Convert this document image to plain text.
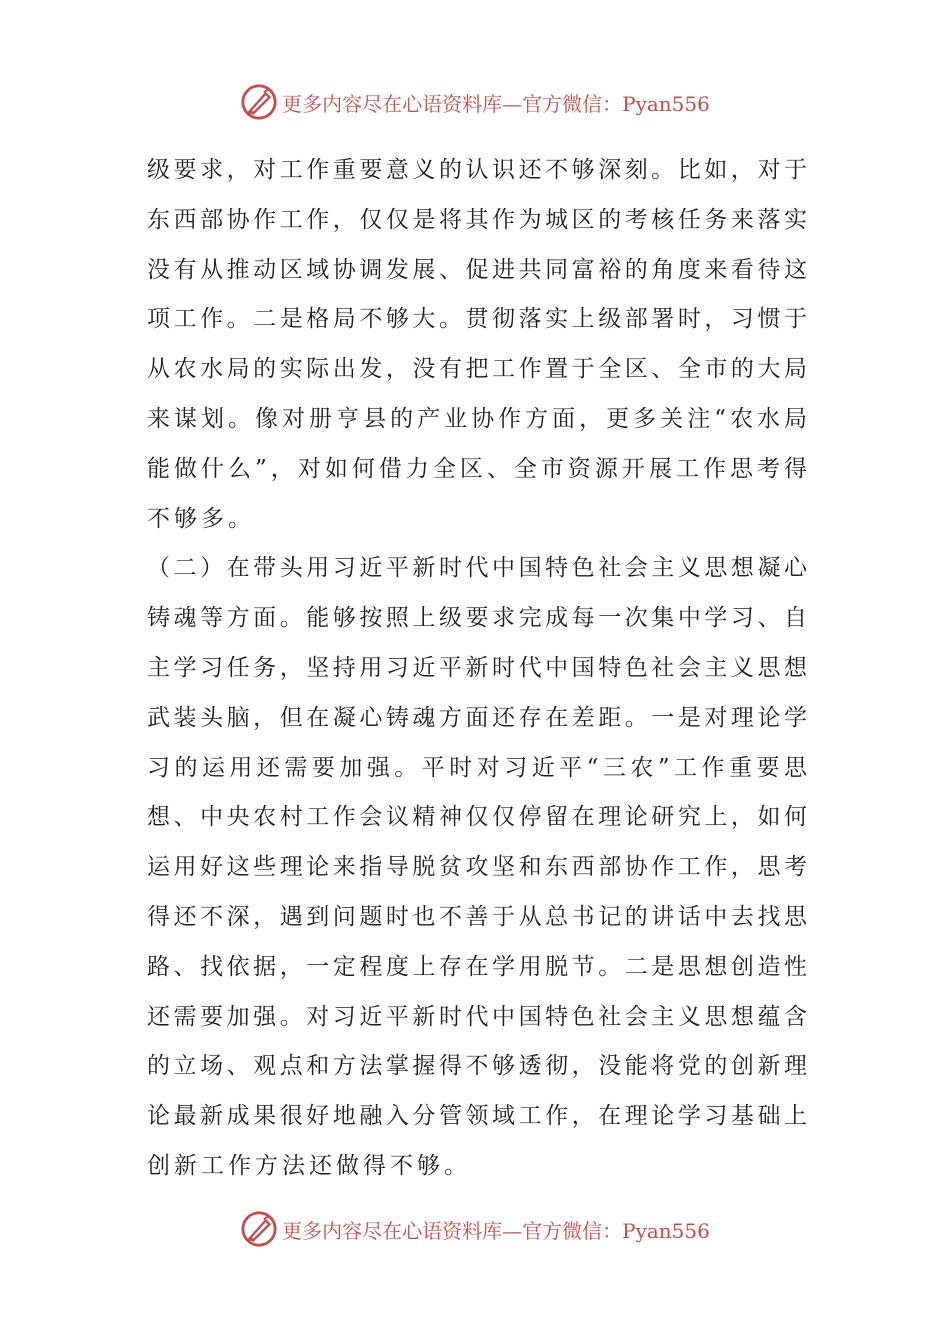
更多内容尽在心语资料库—官方微信：Pyan556
级要求，对工作重要意义的认识还不够深刻。比如，对于
东西部协作工作，仅仅是将其作为城区的考核任务来落实
没有从推动区域协调发展、促进共同富裕的角度来看待这
项工作。二是格局不够大。贯彻落实上级部署时，习惯于
从农水局的实际出发，没有把工作置于全区、全市的大局
来谋划。像对册亨县的产业协作方面，更多关注“农水局
能做什么”，对如何借力全区、全市资源开展工作思考得
不够多。
（二）在带头用习近平新时代中国特色社会主义思想凝心
铸魂等方面。能够按照上级要求完成每一次集中学习、自
主学习任务，坚持用习近平新时代中国特色社会主义思想
武装头脑，但在凝心铸魂方面还存在差距。一是对理论学
习的运用还需要加强。平时对习近平“三农”工作重要思
想、中央农村工作会议精神仅仅停留在理论研究上，如何
运用好这些理论来指导脱贫攻坚和东西部协作工作，思考
得还不深，遇到问题时也不善于从总书记的讲话中去找思
路、找依据，一定程度上存在学用脱节。二是思想创造性
还需要加强。对习近平新时代中国特色社会主义思想蕴含
的立场、观点和方法掌握得不够透彻，没能将党的创新理
论最新成果很好地融入分管领域工作，在理论学习基础上
创新工作方法还做得不够。
更多内容尽在心语资料库—官方微信：Pyan556
